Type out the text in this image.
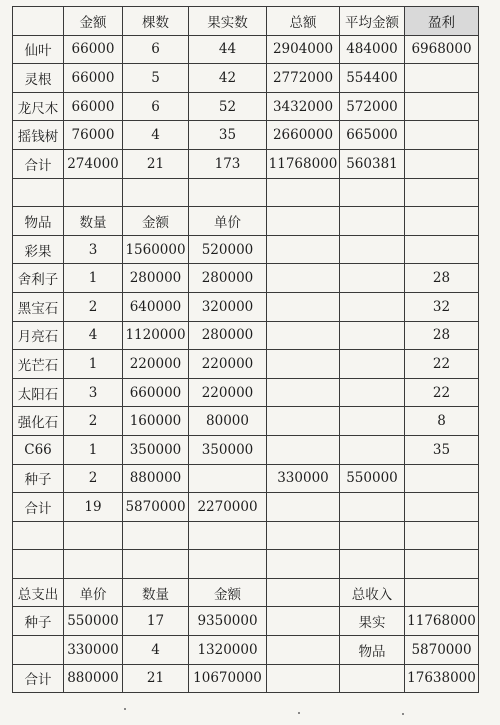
	金额	棵数	果实数	总额	平均金额	盈利
仙叶	66000	6	44	2904000	484000	6968000
灵根	66000	5	42	2772000	554400	
龙尺木	66000	6	52	3432000	572000	
摇钱树	76000	4	35	2660000	665000	
合计	274000	21	173	11768000	560381	

物品	数量	金额	单价			
彩果	3	1560000	520000			
舍利子	1	280000	280000			28
黑宝石	2	640000	320000			32
月亮石	4	1120000	280000			28
光芒石	1	220000	220000			22
太阳石	3	660000	220000			22
强化石	2	160000	80000			8
C66	1	350000	350000			35
种子	2	880000		330000	550000	
合计	19	5870000	2270000			

总支出	单价	数量	金额		总收入	
种子	550000	17	9350000		果实	11768000
	330000	4	1320000		物品	5870000
合计	880000	21	10670000			17638000
